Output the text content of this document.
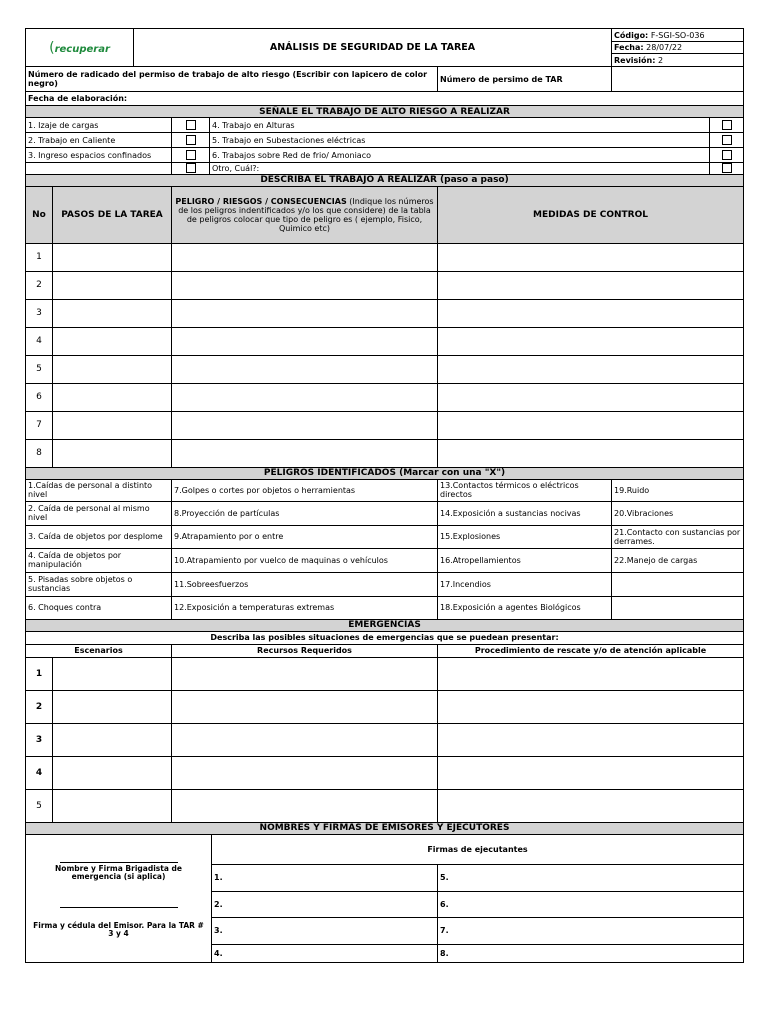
(recuperar	ANÁLISIS DE SEGURIDAD DE LA TAREA	Código: F-SGI-SO-036
Fecha: 28/07/22
Revisión: 2
Número de radicado del permiso de trabajo de alto riesgo (Escribir con lapicero de color negro)	Número de persimo de TAR	
Fecha de elaboración:
SEÑALE EL TRABAJO DE ALTO RIESGO A REALIZAR			
1. Izaje de cargas		4. Trabajo en Alturas	
2. Trabajo en Caliente		5. Trabajo en Subestaciones eléctricas	
3. Ingreso espacios confinados		6. Trabajos sobre Red de frio/ Amoniaco	
		Otro, Cuál?:	
DESCRIBA EL TRABAJO A REALIZAR (paso a paso)			
No	PASOS DE LA TAREA	PELIGRO / RIESGOS / CONSECUENCIAS (Indique los números de los peligros indentificados y/o los que considere) de la tabla de peligros colocar que tipo de peligro es ( ejemplo, Fisico, Quimico etc)	MEDIDAS DE CONTROL
1			
2			
3			
4			
5			
6			
7			
8			
PELIGROS IDENTIFICADOS (Marcar con una "X")			
1.Caídas de personal a distinto nivel	7.Golpes o cortes por objetos o herramientas	13.Contactos térmicos o eléctricos directos	19.Ruido
2. Caída de personal al mismo nivel	8.Proyección de partículas	14.Exposición a sustancias nocivas	20.Vibraciones
3. Caída de objetos por desplome	9.Atrapamiento por o entre	15.Explosiones	21.Contacto con sustancias por derrames.
4. Caída de objetos por manipulación	10.Atrapamiento por vuelco de maquinas o vehículos	16.Atropellamientos	22.Manejo de cargas
5. Pisadas sobre objetos o sustancias	11.Sobreesfuerzos	17.Incendios	
6. Choques contra	12.Exposición a temperaturas extremas	18.Exposición a agentes Biológicos	
EMERGENCIAS			
Describa las posibles situaciones de emergencias que se puedean presentar:			
Escenarios		Recursos Requeridos	Procedimiento de rescate y/o de atención aplicable
1			
2			
3			
4			
5			
NOMBRES Y FIRMAS DE EMISORES Y EJECUTORES		

Nombre y Firma Brigadista de emergencia (si aplica)
Firma y cédula del Emisor. Para la TAR # 3 y 4	Firmas de ejecutantes	
	1.	5.
	2.	6.
	3.	7.
	4.	8.
